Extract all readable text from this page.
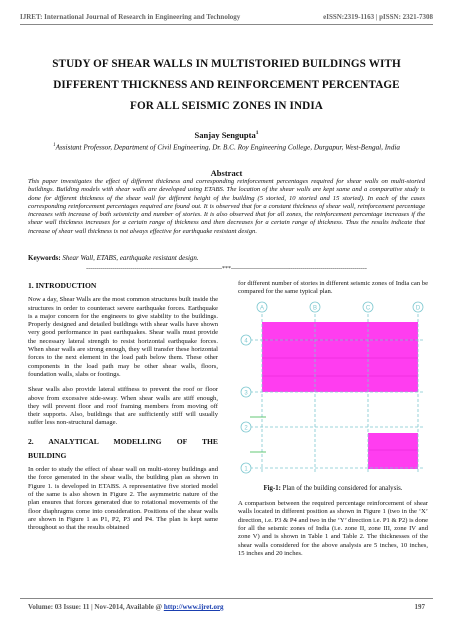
IJRET: International Journal of Research in Engineering and Technology	eISSN:2319-1163 | pISSN: 2321-7308
STUDY OF SHEAR WALLS IN MULTISTORIED BUILDINGS WITH
DIFFERENT THICKNESS AND REINFORCEMENT PERCENTAGE
FOR ALL SEISMIC ZONES IN INDIA
Sanjay Sengupta$^1$
$^1$Assistant Professor, Department of Civil Engineering, Dr. B.C. Roy Engineering College, Durgapur, West-Bengal, India
Abstract
This paper investigates the effect of different thickness and corresponding reinforcement percentages required for shear walls on multi-storied buildings. Building models with shear walls are developed using ETABS. The location of the shear walls are kept same and a comparative study is done for different thickness of the shear wall for different height of the building (5 storied, 10 storied and 15 storied). In each of the cases corresponding reinforcement percentages required are found out. It is observed that for a constant thickness of shear wall, reinforcement percentage increases with increase of both seismicity and number of stories. It is also observed that for all zones, the reinforcement percentage increases if the shear wall thickness increases for a certain range of thickness and then decreases for a certain range of thickness. Thus the results indicate that increase of shear wall thickness is not always effective for earthquake resistant design.
Keywords: Shear Wall, ETABS, earthquake resistant design.
--------------------------------------------------------------------***--------------------------------------------------------------------
1. INTRODUCTION
Now a day, Shear Walls are the most common structures built inside the structures in order to counteract severe earthquake forces. Earthquake is a major concern for the engineers to give stability to the buildings. Properly designed and detailed buildings with shear walls have shown very good performance in past earthquakes. Shear walls must provide the necessary lateral strength to resist horizontal earthquake forces. When shear walls are strong enough, they will transfer these horizontal forces to the next element in the load path below them. These other components in the load path may be other shear walls, floors, foundation walls, slabs or footings.
Shear walls also provide lateral stiffness to prevent the roof or floor above from excessive side-sway. When shear walls are stiff enough, they will prevent floor and roof framing members from moving off their supports. Also, buildings that are sufficiently stiff will usually suffer less non-structural damage.
2. ANALYTICAL MODELLING OF THE
BUILDING
In order to study the effect of shear wall on multi-storey buildings and the force generated in the shear walls, the building plan as shown in Figure 1. is developed in ETABS. A representative five storied model of the same is also shown in Figure 2. The asymmetric nature of the plan ensures that forces generated due to rotational movements of the floor diaphragms come into consideration. Positions of the shear walls are shown in Figure 1 as P1, P2, P3 and P4. The plan is kept same throughout so that the results obtained
for different number of stories in different seismic zones of India can be compared for the same typical plan.
A	B	C	D
4
3
2
1
Fig-1: Plan of the building considered for analysis.
A comparison between the required percentage reinforcement of shear walls located in different position as shown in Figure 1 (two in the ‘X’ direction, i.e. P3 & P4 and two in the ‘Y’ direction i.e. P1 & P2) is done for all the seismic zones of India (i.e. zone II, zone III, zone IV and zone V) and is shown in Table 1 and Table 2. The thicknesses of the shear walls considered for the above analysis are 5 inches, 10 inches, 15 inches and 20 inches.
Volume: 03 Issue: 11 | Nov-2014, Available @ http://www.ijret.org	197
